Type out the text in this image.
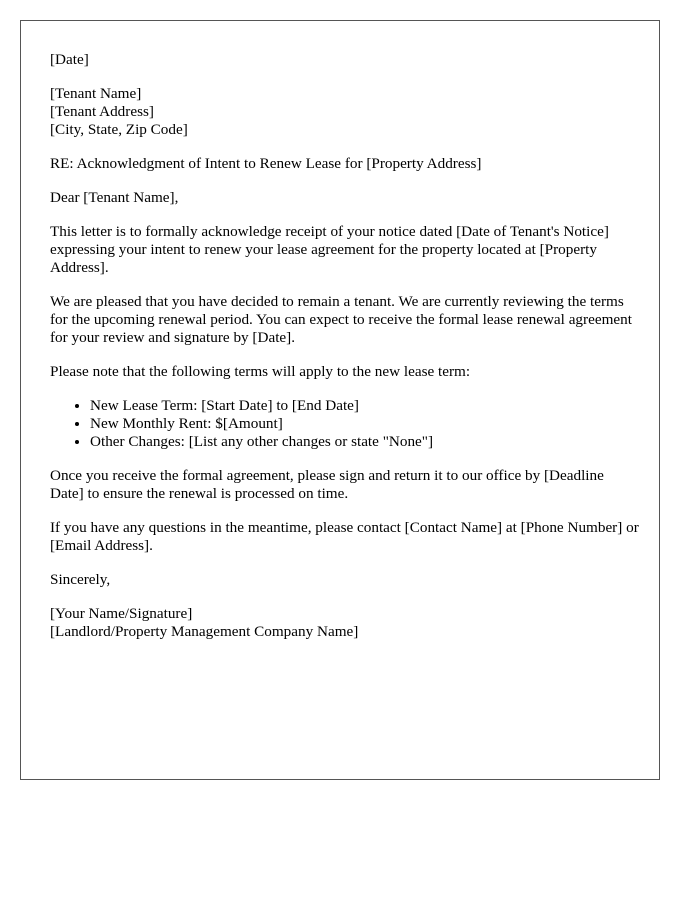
[Date]
[Tenant Name]
[Tenant Address]
[City, State, Zip Code]

RE: Acknowledgment of Intent to Renew Lease for [Property Address]

Dear [Tenant Name],

This letter is to formally acknowledge receipt of your notice dated [Date of Tenant's Notice] expressing your intent to renew your lease agreement for the property located at [Property Address].

We are pleased that you have decided to remain a tenant. We are currently reviewing the terms for the upcoming renewal period. You can expect to receive the formal lease renewal agreement for your review and signature by [Date].

Please note that the following terms will apply to the new lease term:

• New Lease Term: [Start Date] to [End Date]
• New Monthly Rent: $[Amount]
• Other Changes: [List any other changes or state "None"]

Once you receive the formal agreement, please sign and return it to our office by [Deadline Date] to ensure the renewal is processed on time.

If you have any questions in the meantime, please contact [Contact Name] at [Phone Number] or [Email Address].

Sincerely,

[Your Name/Signature]
[Landlord/Property Management Company Name]
